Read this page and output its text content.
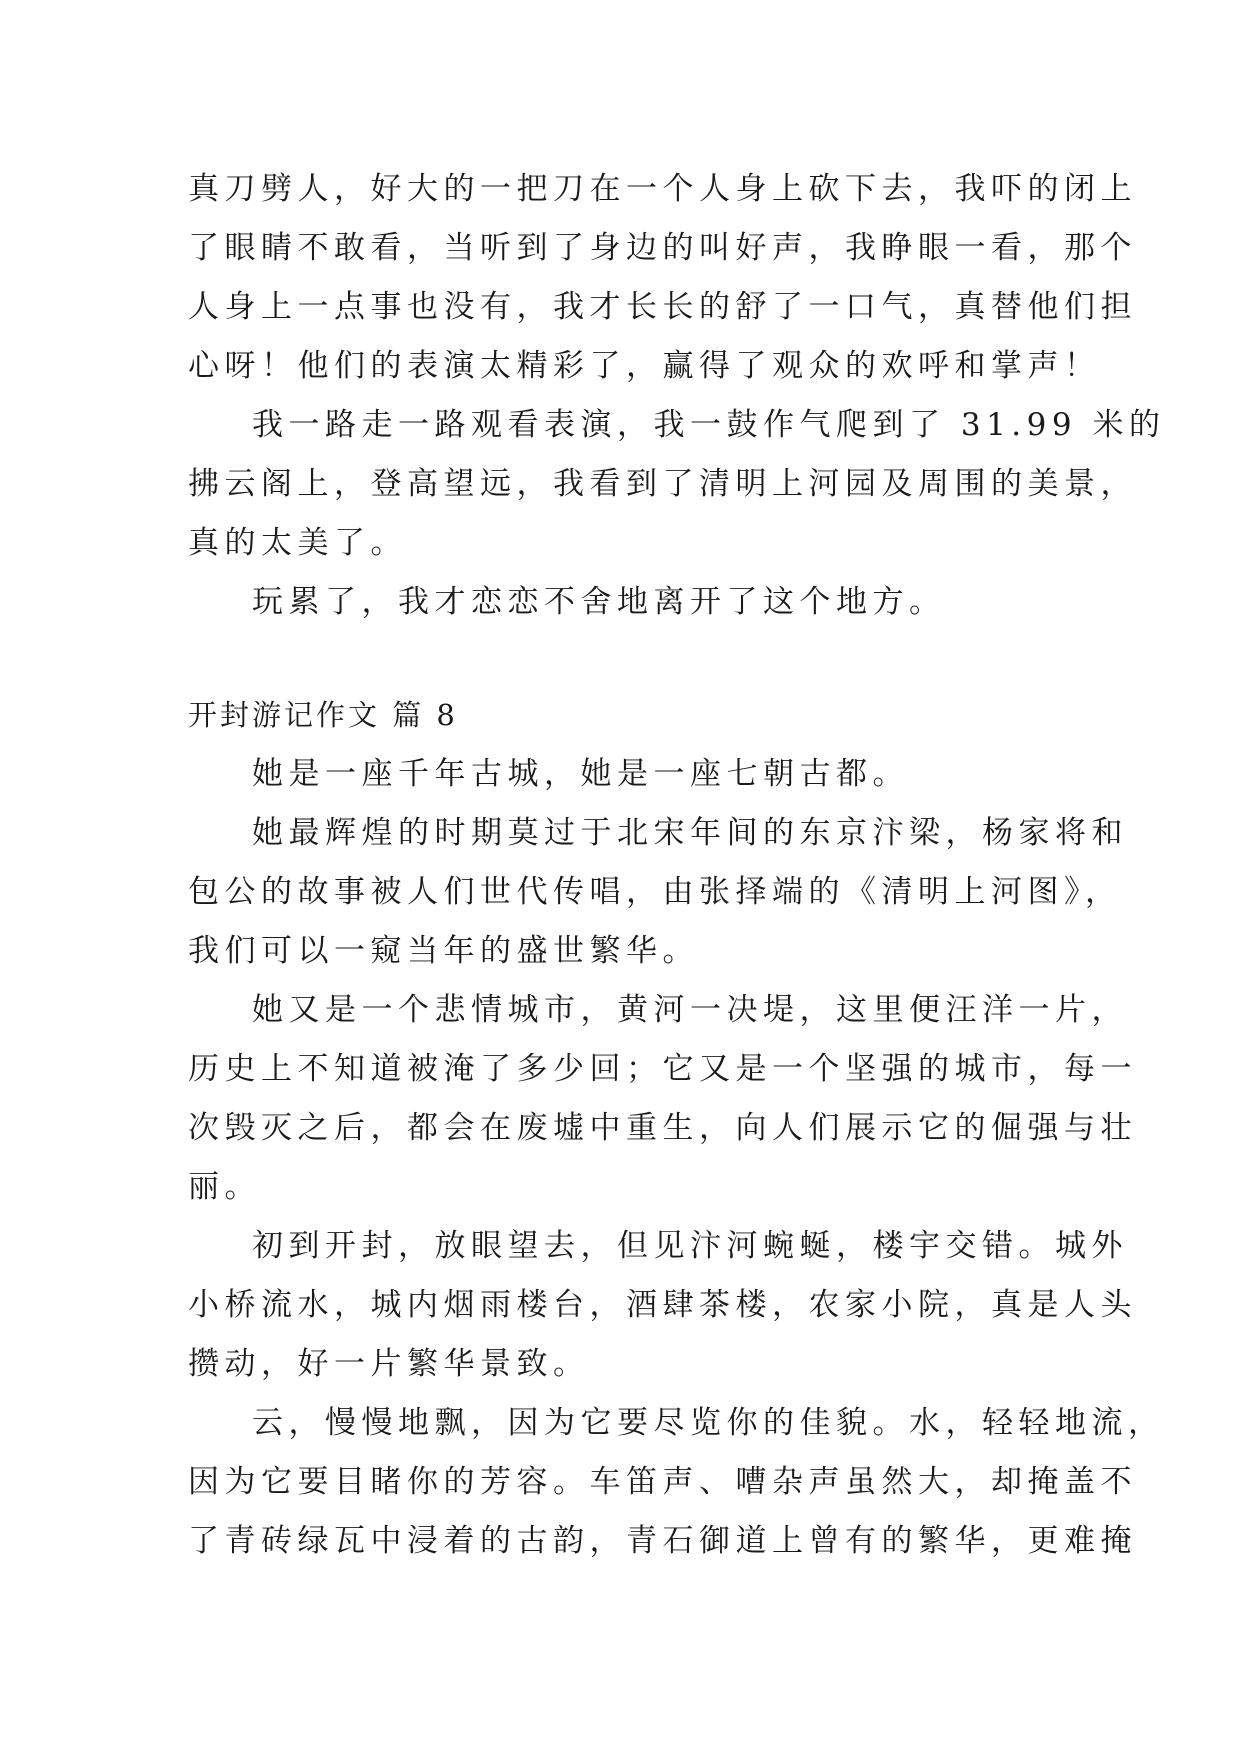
真刀劈人，好大的一把刀在一个人身上砍下去，我吓的闭上
了眼睛不敢看，当听到了身边的叫好声，我睁眼一看，那个
人身上一点事也没有，我才长长的舒了一口气，真替他们担
心呀！他们的表演太精彩了，赢得了观众的欢呼和掌声！
我一路走一路观看表演，我一鼓作气爬到了 31.99 米的
拂云阁上，登高望远，我看到了清明上河园及周围的美景，
真的太美了。
玩累了，我才恋恋不舍地离开了这个地方。
开封游记作文 篇 8
她是一座千年古城，她是一座七朝古都。
她最辉煌的时期莫过于北宋年间的东京汴梁，杨家将和
包公的故事被人们世代传唱，由张择端的《清明上河图》，
我们可以一窥当年的盛世繁华。
她又是一个悲情城市，黄河一决堤，这里便汪洋一片，
历史上不知道被淹了多少回；它又是一个坚强的城市，每一
次毁灭之后，都会在废墟中重生，向人们展示它的倔强与壮
丽。
初到开封，放眼望去，但见汴河蜿蜒，楼宇交错。城外
小桥流水，城内烟雨楼台，酒肆茶楼，农家小院，真是人头
攒动，好一片繁华景致。
云，慢慢地飘，因为它要尽览你的佳貌。水，轻轻地流，
因为它要目睹你的芳容。车笛声、嘈杂声虽然大，却掩盖不
了青砖绿瓦中浸着的古韵，青石御道上曾有的繁华，更难掩
